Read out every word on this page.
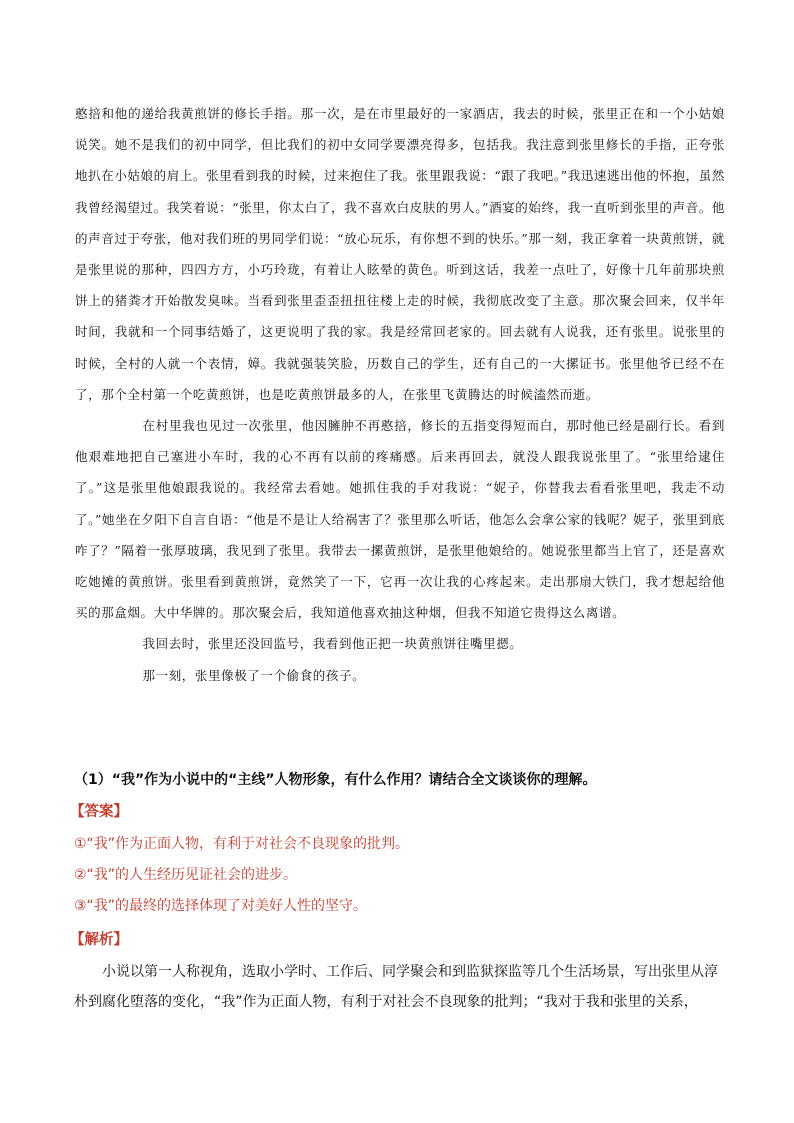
憨掊和他的递给我黄煎饼的修长手指。那一次，是在市里最好的一家酒店，我去的时候，张里正在和一个小姑娘说笑。她不是我们的初中同学，但比我们的初中女同学要漂亮得多，包括我。我注意到张里修长的手指，正夸张地扒在小姑娘的肩上。张里看到我的时候，过来抱住了我。张里跟我说：“跟了我吧。”我迅速逃出他的怀抱，虽然我曾经渴望过。我笑着说：“张里，你太白了，我不喜欢白皮肤的男人。”酒宴的始终，我一直听到张里的声音。他的声音过于夸张，他对我们班的男同学们说：“放心玩乐，有你想不到的快乐。”那一刻，我正拿着一块黄煎饼，就是张里说的那种，四四方方，小巧玲珑，有着让人眩晕的黄色。听到这话，我差一点吐了，好像十几年前那块煎饼上的猪粪才开始散发臭味。当看到张里歪歪扭扭往楼上走的时候，我彻底改变了主意。那次聚会回来，仅半年时间，我就和一个同事结婚了，这更说明了我的家。我是经常回老家的。回去就有人说我，还有张里。说张里的时候，全村的人就一个表情，嫜。我就强装笑脸，历数自己的学生，还有自己的一大摞证书。张里他爷已经不在了，那个全村第一个吃黄煎饼，也是吃黄煎饼最多的人，在张里飞黄腾达的时候溘然而逝。

在村里我也见过一次张里，他因臃肿不再憨掊，修长的五指变得短而白，那时他已经是副行长。看到他艰难地把自己塞进小车时，我的心不再有以前的疼痛感。后来再回去，就没人跟我说张里了。“张里给逮住了。”这是张里他娘跟我说的。我经常去看她。她抓住我的手对我说：“妮子，你替我去看看张里吧，我走不动了。”她坐在夕阳下自言自语：“他是不是让人给祸害了？张里那么听话，他怎么会拿公家的钱呢？妮子，张里到底咋了？”隔着一张厚玻璃，我见到了张里。我带去一摞黄煎饼，是张里他娘给的。她说张里都当上官了，还是喜欢吃她摊的黄煎饼。张里看到黄煎饼，竟然笑了一下，它再一次让我的心疼起来。走出那扇大铁门，我才想起给他买的那盒烟。大中华牌的。那次聚会后，我知道他喜欢抽这种烟，但我不知道它贵得这么离谱。

我回去时，张里还没回监号，我看到他正把一块黄煎饼往嘴里摁。

那一刻，张里像极了一个偷食的孩子。

（1）“我”作为小说中的“主线”人物形象，有什么作用？请结合全文谈谈你的理解。

【答案】

①“我”作为正面人物，有利于对社会不良现象的批判。

②“我”的人生经历见证社会的进步。

③“我”的最终的选择体现了对美好人性的坚守。

【解析】

小说以第一人称视角，选取小学时、工作后、同学聚会和到监狱探监等几个生活场景，写出张里从淳朴到腐化堕落的变化，“我”作为正面人物，有利于对社会不良现象的批判；“我对于我和张里的关系，
